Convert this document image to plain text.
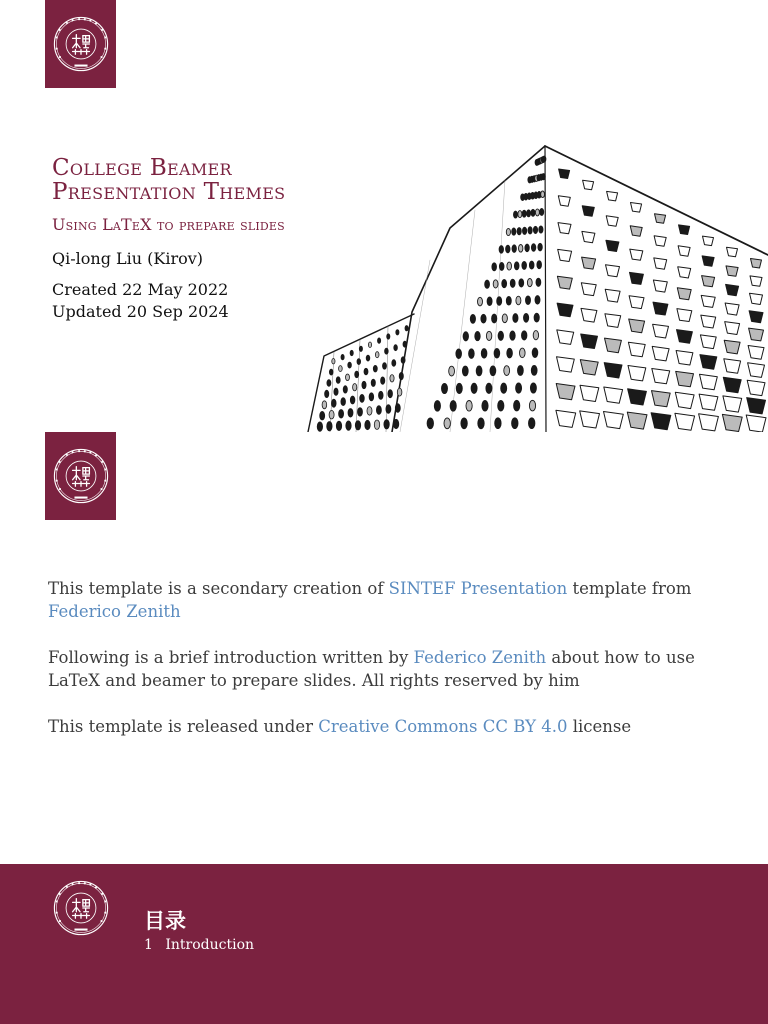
College Beamer
Presentation Themes

Using LaTeX to prepare slides

Qi-long Liu (Kirov)

Created 22 May 2022

Updated 20 Sep 2024

This template is a secondary creation of SINTEF Presentation template from
Federico Zenith

Following is a brief introduction written by Federico Zenith about how to use LaTeX and beamer to prepare slides. All rights reserved by him

This template is released under Creative Commons CC BY 4.0 license

目录

1 Introduction
